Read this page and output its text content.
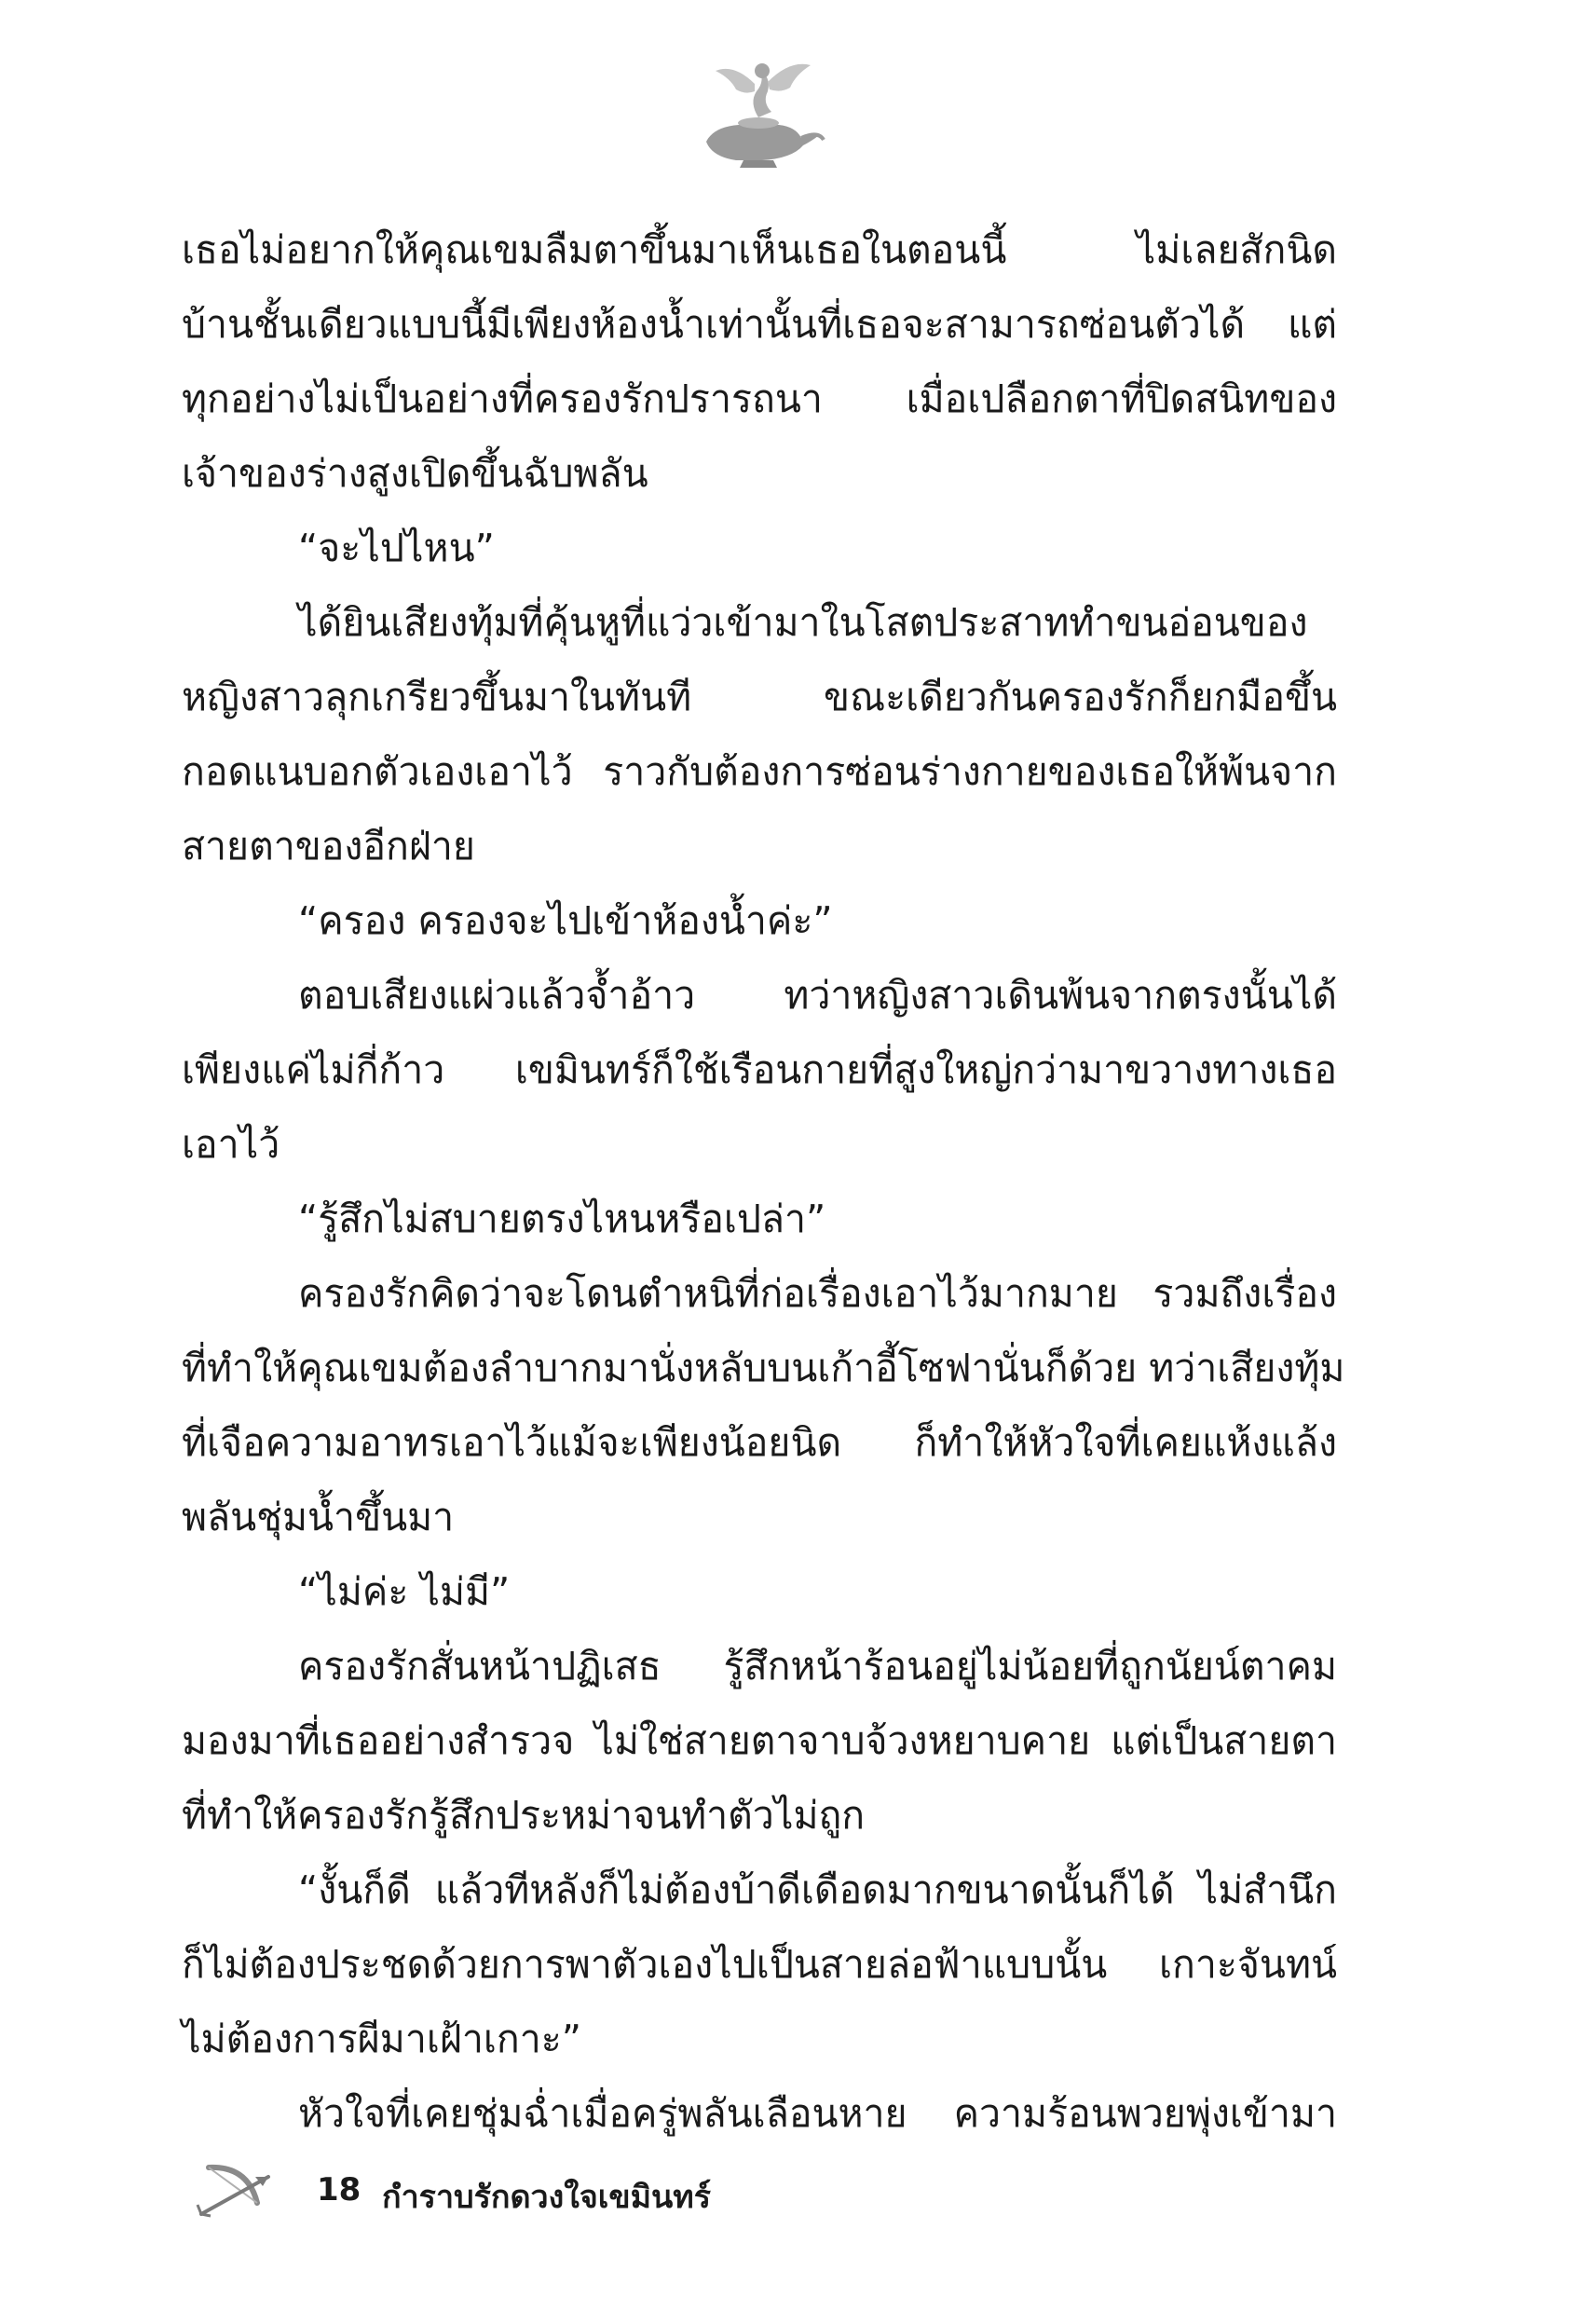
เธอไม่อยากให้คุณเขมลืมตาขึ้นมาเห็นเธอในตอนนี้ ไม่เลยสักนิด
บ้านชั้นเดียวแบบนี้มีเพียงห้องน้ำเท่านั้นที่เธอจะสามารถซ่อนตัวได้ แต่
ทุกอย่างไม่เป็นอย่างที่ครองรักปรารถนา เมื่อเปลือกตาที่ปิดสนิทของ
เจ้าของร่างสูงเปิดขึ้นฉับพลัน
“จะไปไหน”
ได้ยินเสียงทุ้มที่คุ้นหูที่แว่วเข้ามาในโสตประสาททำขนอ่อนของ
หญิงสาวลุกเกรียวขึ้นมาในทันที ขณะเดียวกันครองรักก็ยกมือขึ้น
กอดแนบอกตัวเองเอาไว้ ราวกับต้องการซ่อนร่างกายของเธอให้พ้นจาก
สายตาของอีกฝ่าย
“ครอง ครองจะไปเข้าห้องน้ำค่ะ”
ตอบเสียงแผ่วแล้วจ้ำอ้าว ทว่าหญิงสาวเดินพ้นจากตรงนั้นได้
เพียงแค่ไม่กี่ก้าว เขมินทร์ก็ใช้เรือนกายที่สูงใหญ่กว่ามาขวางทางเธอ
เอาไว้
“รู้สึกไม่สบายตรงไหนหรือเปล่า”
ครองรักคิดว่าจะโดนตำหนิที่ก่อเรื่องเอาไว้มากมาย รวมถึงเรื่อง
ที่ทำให้คุณเขมต้องลำบากมานั่งหลับบนเก้าอี้โซฟานั่นก็ด้วย ทว่าเสียงทุ้ม
ที่เจือความอาทรเอาไว้แม้จะเพียงน้อยนิด ก็ทำให้หัวใจที่เคยแห้งแล้ง
พลันชุ่มน้ำขึ้นมา
“ไม่ค่ะ ไม่มี”
ครองรักสั่นหน้าปฏิเสธ รู้สึกหน้าร้อนอยู่ไม่น้อยที่ถูกนัยน์ตาคม
มองมาที่เธออย่างสำรวจ ไม่ใช่สายตาจาบจ้วงหยาบคาย แต่เป็นสายตา
ที่ทำให้ครองรักรู้สึกประหม่าจนทำตัวไม่ถูก
“งั้นก็ดี แล้วทีหลังก็ไม่ต้องบ้าดีเดือดมากขนาดนั้นก็ได้ ไม่สำนึก
ก็ไม่ต้องประชดด้วยการพาตัวเองไปเป็นสายล่อฟ้าแบบนั้น เกาะจันทน์
ไม่ต้องการผีมาเฝ้าเกาะ”
หัวใจที่เคยชุ่มฉ่ำเมื่อครู่พลันเลือนหาย ความร้อนพวยพุ่งเข้ามา
18 กำราบรักดวงใจเขมินทร์
